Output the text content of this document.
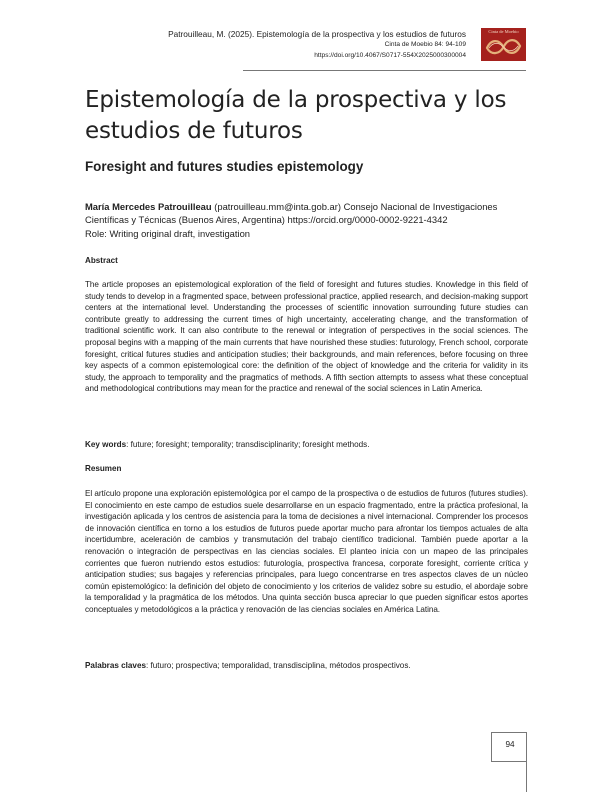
Patrouilleau, M. (2025). Epistemología de la prospectiva y los estudios de futuros
Cinta de Moebio 84: 94-109
https://doi.org/10.4067/S0717-554X2025000300004
Cinta de Moebio
Epistemología de la prospectiva y los estudios de futuros
Foresight and futures studies epistemology

María Mercedes Patrouilleau (patrouilleau.mm@inta.gob.ar) Consejo Nacional de Investigaciones Científicas y Técnicas (Buenos Aires, Argentina) https://orcid.org/0000-0002-9221-4342
Role: Writing original draft, investigation

Abstract

The article proposes an epistemological exploration of the field of foresight and futures studies. Knowledge in this field of study tends to develop in a fragmented space, between professional practice, applied research, and decision-making support centers at the international level. Understanding the processes of scientific innovation surrounding future studies can contribute greatly to addressing the current times of high uncertainty, accelerating change, and the transformation of traditional scientific work. It can also contribute to the renewal or integration of perspectives in the social sciences. The proposal begins with a mapping of the main currents that have nourished these studies: futurology, French school, corporate foresight, critical futures studies and anticipation studies; their backgrounds, and main references, before focusing on three key aspects of a common epistemological core: the definition of the object of knowledge and the criteria for validity in its study, the approach to temporality and the pragmatics of methods. A fifth section attempts to assess what these conceptual and methodological contributions may mean for the practice and renewal of the social sciences in Latin America.

Key words: future; foresight; temporality; transdisciplinarity; foresight methods.

Resumen

El artículo propone una exploración epistemológica por el campo de la prospectiva o de estudios de futuros (futures studies). El conocimiento en este campo de estudios suele desarrollarse en un espacio fragmentado, entre la práctica profesional, la investigación aplicada y los centros de asistencia para la toma de decisiones a nivel internacional. Comprender los procesos de innovación científica en torno a los estudios de futuros puede aportar mucho para afrontar los tiempos actuales de alta incertidumbre, aceleración de cambios y transmutación del trabajo científico tradicional. También puede aportar a la renovación o integración de perspectivas en las ciencias sociales. El planteo inicia con un mapeo de las principales corrientes que fueron nutriendo estos estudios: futurología, prospectiva francesa, corporate foresight, corriente crítica y anticipation studies; sus bagajes y referencias principales, para luego concentrarse en tres aspectos claves de un núcleo común epistemológico: la definición del objeto de conocimiento y los criterios de validez sobre su estudio, el abordaje sobre la temporalidad y la pragmática de los métodos. Una quinta sección busca apreciar lo que pueden significar estos aportes conceptuales y metodológicos a la práctica y renovación de las ciencias sociales en América Latina.

Palabras claves: futuro; prospectiva; temporalidad, transdisciplina, métodos prospectivos.

94
